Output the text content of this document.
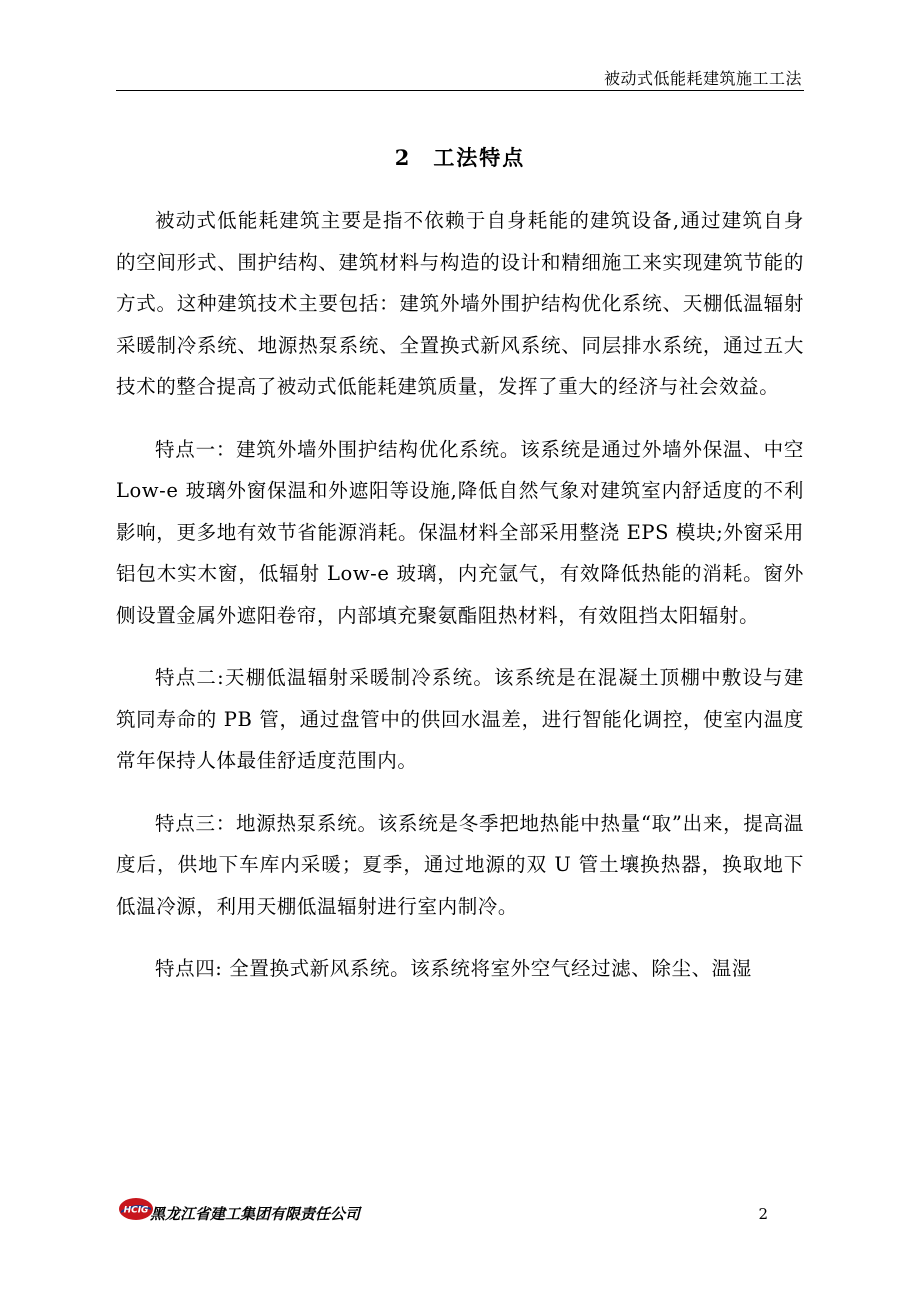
被动式低能耗建筑施工工法
2 工法特点

被动式低能耗建筑主要是指不依赖于自身耗能的建筑设备,通过建筑自身的空间形式、围护结构、建筑材料与构造的设计和精细施工来实现建筑节能的方式。这种建筑技术主要包括：建筑外墙外围护结构优化系统、天棚低温辐射采暖制冷系统、地源热泵系统、全置换式新风系统、同层排水系统，通过五大技术的整合提高了被动式低能耗建筑质量，发挥了重大的经济与社会效益。

特点一：建筑外墙外围护结构优化系统。该系统是通过外墙外保温、中空 Low-e 玻璃外窗保温和外遮阳等设施,降低自然气象对建筑室内舒适度的不利影响，更多地有效节省能源消耗。保温材料全部采用整浇 EPS 模块;外窗采用铝包木实木窗，低辐射 Low-e 玻璃，内充氩气，有效降低热能的消耗。窗外侧设置金属外遮阳卷帘，内部填充聚氨酯阻热材料，有效阻挡太阳辐射。

特点二:天棚低温辐射采暖制冷系统。该系统是在混凝土顶棚中敷设与建筑同寿命的 PB 管，通过盘管中的供回水温差，进行智能化调控，使室内温度常年保持人体最佳舒适度范围内。

特点三：地源热泵系统。该系统是冬季把地热能中热量“取”出来，提高温度后，供地下车库内采暖；夏季，通过地源的双 U 管土壤换热器，换取地下低温冷源，利用天棚低温辐射进行室内制冷。

特点四: 全置换式新风系统。该系统将室外空气经过滤、除尘、温湿

HCIG 黑龙江省建工集团有限责任公司	2
